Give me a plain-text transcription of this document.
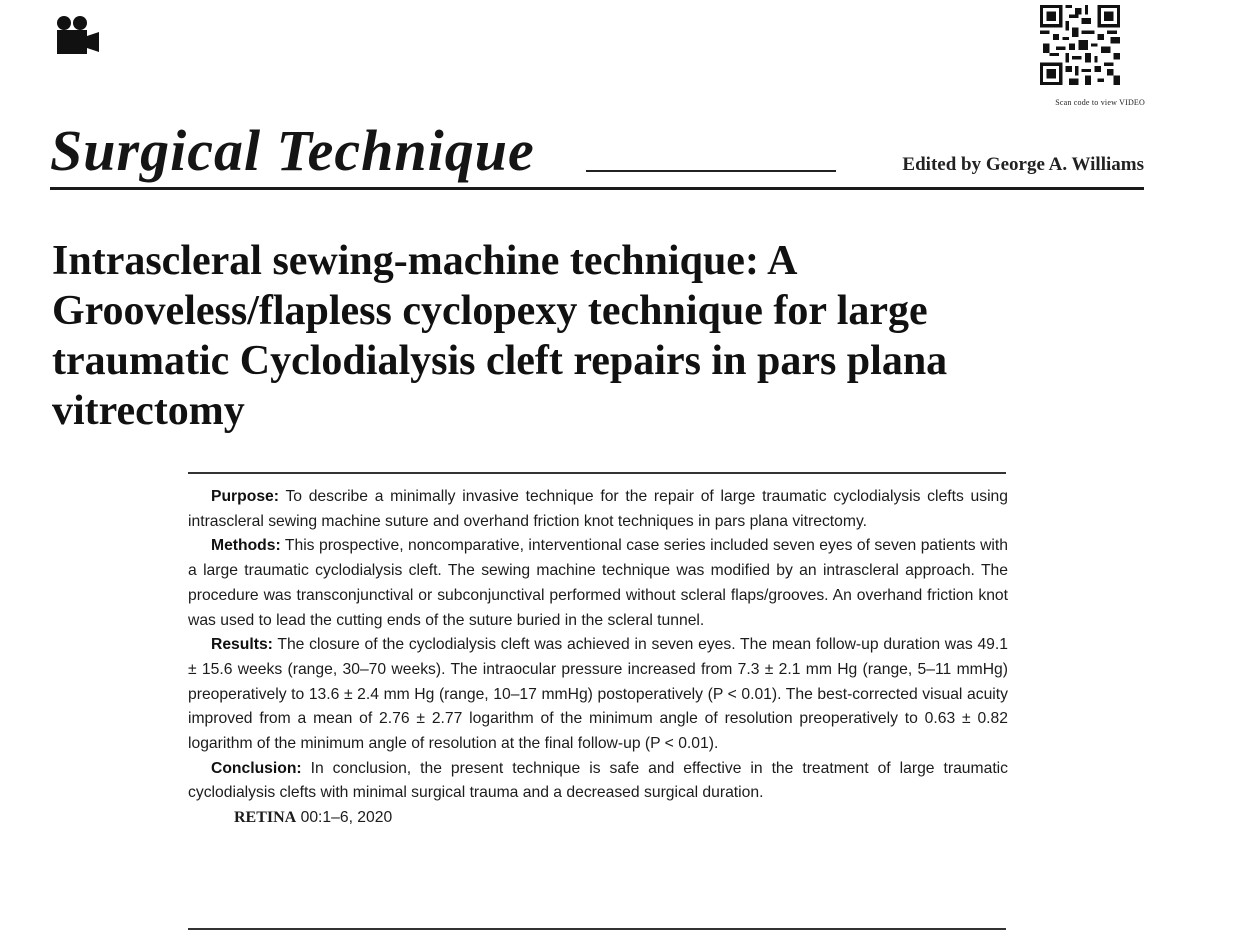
Scan code to view VIDEO
Surgical Technique	Edited by George A. Williams
Intrascleral sewing-machine technique: A Grooveless/flapless cyclopexy technique for large traumatic Cyclodialysis cleft repairs in pars plana vitrectomy

Purpose: To describe a minimally invasive technique for the repair of large traumatic cyclodialysis clefts using intrascleral sewing machine suture and overhand friction knot techniques in pars plana vitrectomy.

Methods: This prospective, noncomparative, interventional case series included seven eyes of seven patients with a large traumatic cyclodialysis cleft. The sewing machine technique was modified by an intrascleral approach. The procedure was transconjunctival or subconjunctival performed without scleral flaps/grooves. An overhand friction knot was used to lead the cutting ends of the suture buried in the scleral tunnel.

Results: The closure of the cyclodialysis cleft was achieved in seven eyes. The mean follow-up duration was 49.1 ± 15.6 weeks (range, 30–70 weeks). The intraocular pressure increased from 7.3 ± 2.1 mm Hg (range, 5–11 mmHg) preoperatively to 13.6 ± 2.4 mm Hg (range, 10–17 mmHg) postoperatively (P < 0.01). The best-corrected visual acuity improved from a mean of 2.76 ± 2.77 logarithm of the minimum angle of resolution preoperatively to 0.63 ± 0.82 logarithm of the minimum angle of resolution at the final follow-up (P < 0.01).

Conclusion: In conclusion, the present technique is safe and effective in the treatment of large traumatic cyclodialysis clefts with minimal surgical trauma and a decreased surgical duration.

RETINA 00:1–6, 2020
